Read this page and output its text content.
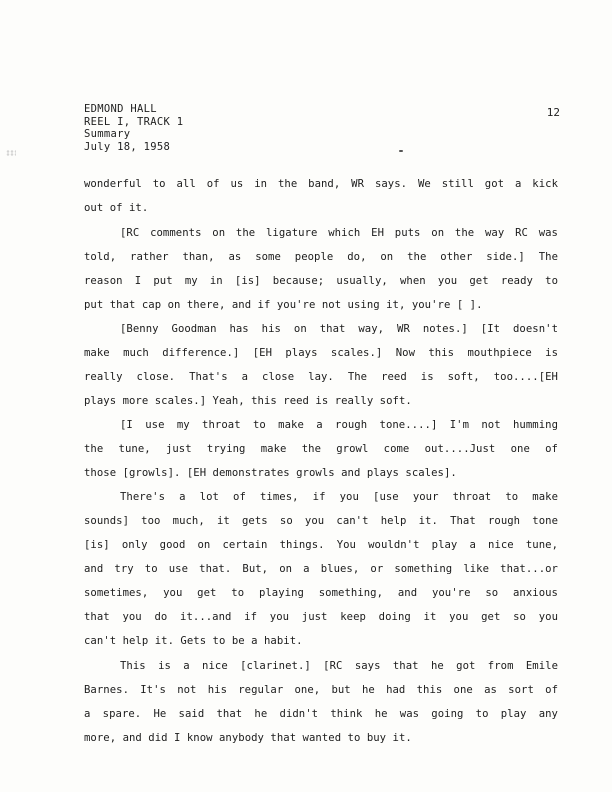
EDMOND HALL
REEL I, TRACK 1
Summary
July 18, 1958
12
wonderful to all of us in the band, WR says. We still got a kick
out of it.
[RC comments on the ligature which EH puts on the way RC was
told, rather than, as some people do, on the other side.] The
reason I put my in [is] because; usually, when you get ready to
put that cap on there, and if you're not using it, you're [ ].
[Benny Goodman has his on that way, WR notes.] [It doesn't
make much difference.] [EH plays scales.] Now this mouthpiece is
really close. That's a close lay. The reed is soft, too....[EH
plays more scales.] Yeah, this reed is really soft.
[I use my throat to make a rough tone....] I'm not humming
the tune, just trying make the growl come out....Just one of
those [growls]. [EH demonstrates growls and plays scales].
There's a lot of times, if you [use your throat to make
sounds] too much, it gets so you can't help it. That rough tone
[is] only good on certain things. You wouldn't play a nice tune,
and try to use that. But, on a blues, or something like that...or
sometimes, you get to playing something, and you're so anxious
that you do it...and if you just keep doing it you get so you
can't help it. Gets to be a habit.
This is a nice [clarinet.] [RC says that he got from Emile
Barnes. It's not his regular one, but he had this one as sort of
a spare. He said that he didn't think he was going to play any
more, and did I know anybody that wanted to buy it.
